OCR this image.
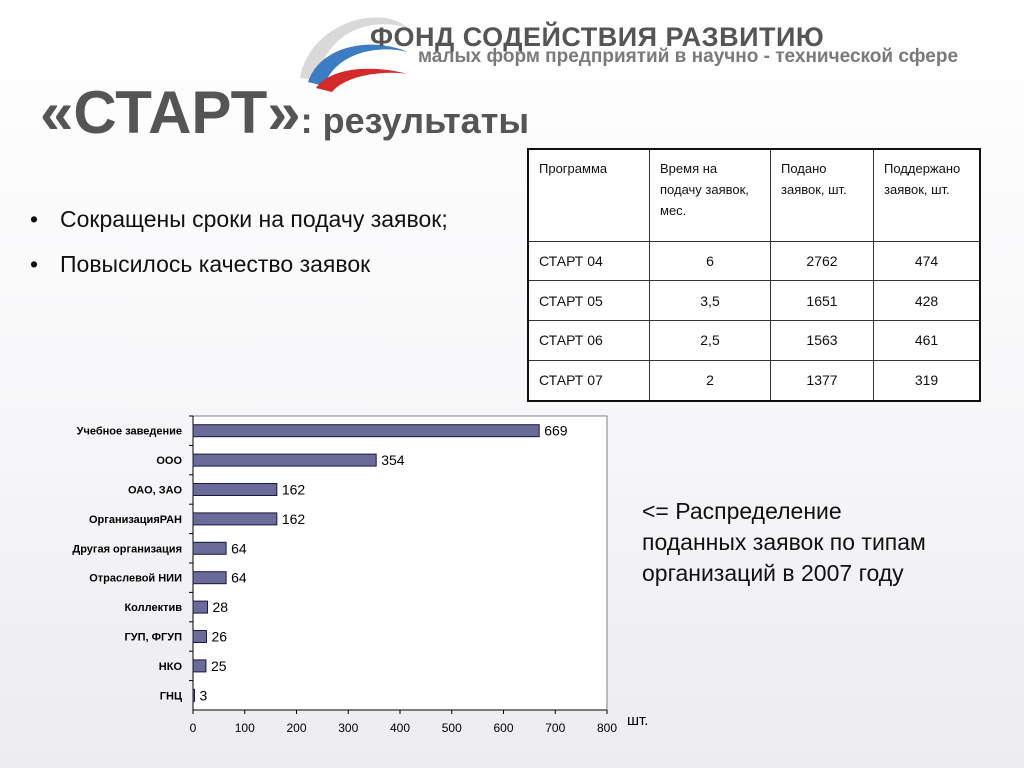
ФОНД СОДЕЙСТВИЯ РАЗВИТИЮ
малых форм предприятий в научно - технической сфере
«СТАРТ»: результаты
• Сокращены сроки на подачу заявок;
• Повысилось качество заявок
Программа	Время на подачу заявок, мес.	Подано заявок, шт.	Поддержано заявок, шт.
СТАРТ 04	6	2762	474
СТАРТ 05	3,5	1651	428
СТАРТ 06	2,5	1563	461
СТАРТ 07	2	1377	319
669
Учебное заведение
354
ООО
162
ОАО, ЗАО
162
ОрганизацияРАН
64
Другая организация
64
Отраслевой НИИ
28
Коллектив
26
ГУП, ФГУП
25
НКО
3
ГНЦ
0	100	200	300	400	500	600	700	800 шт.
<= Распределение поданных заявок по типам организаций в 2007 году
